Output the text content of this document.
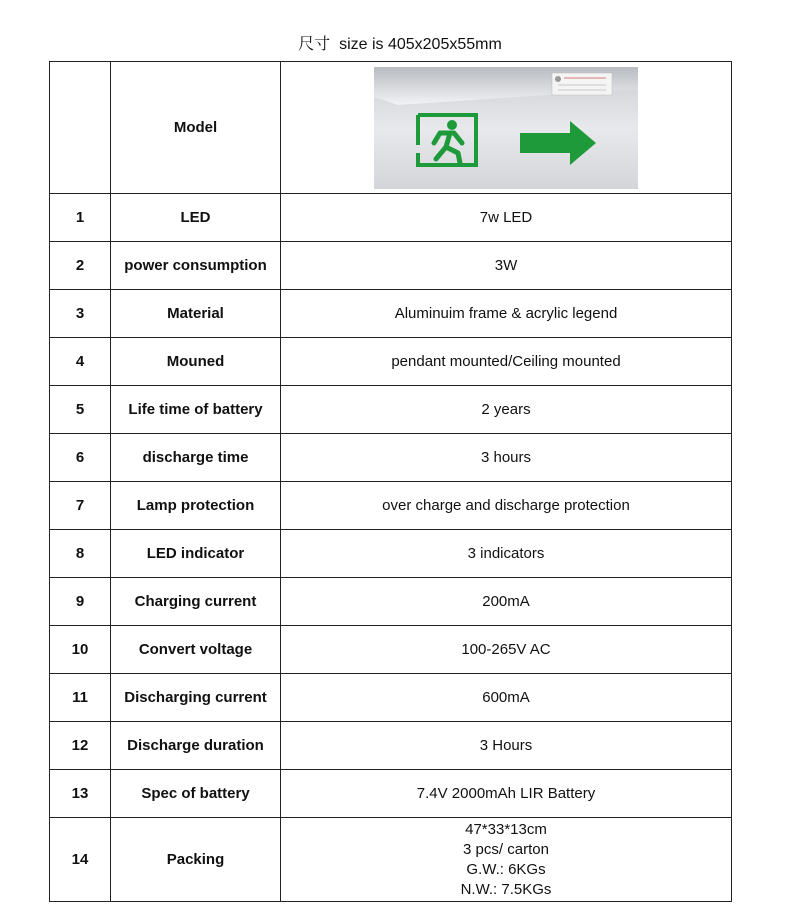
尺寸  size is 405x205x55mm
	Model	

1	LED	7w LED
2	power consumption	3W
3	Material	Aluminuim frame & acrylic legend
4	Mouned	pendant mounted/Ceiling mounted
5	Life time of battery	2 years
6	discharge time	3 hours
7	Lamp protection	over charge and discharge protection
8	LED indicator	3 indicators
9	Charging current	200mA
10	Convert voltage	100-265V AC
11	Discharging current	600mA
12	Discharge duration	3 Hours
13	Spec of battery	7.4V 2000mAh LIR Battery
14	Packing	47*33*13cm
3 pcs/ carton
G.W.: 6KGs
N.W.: 7.5KGs
